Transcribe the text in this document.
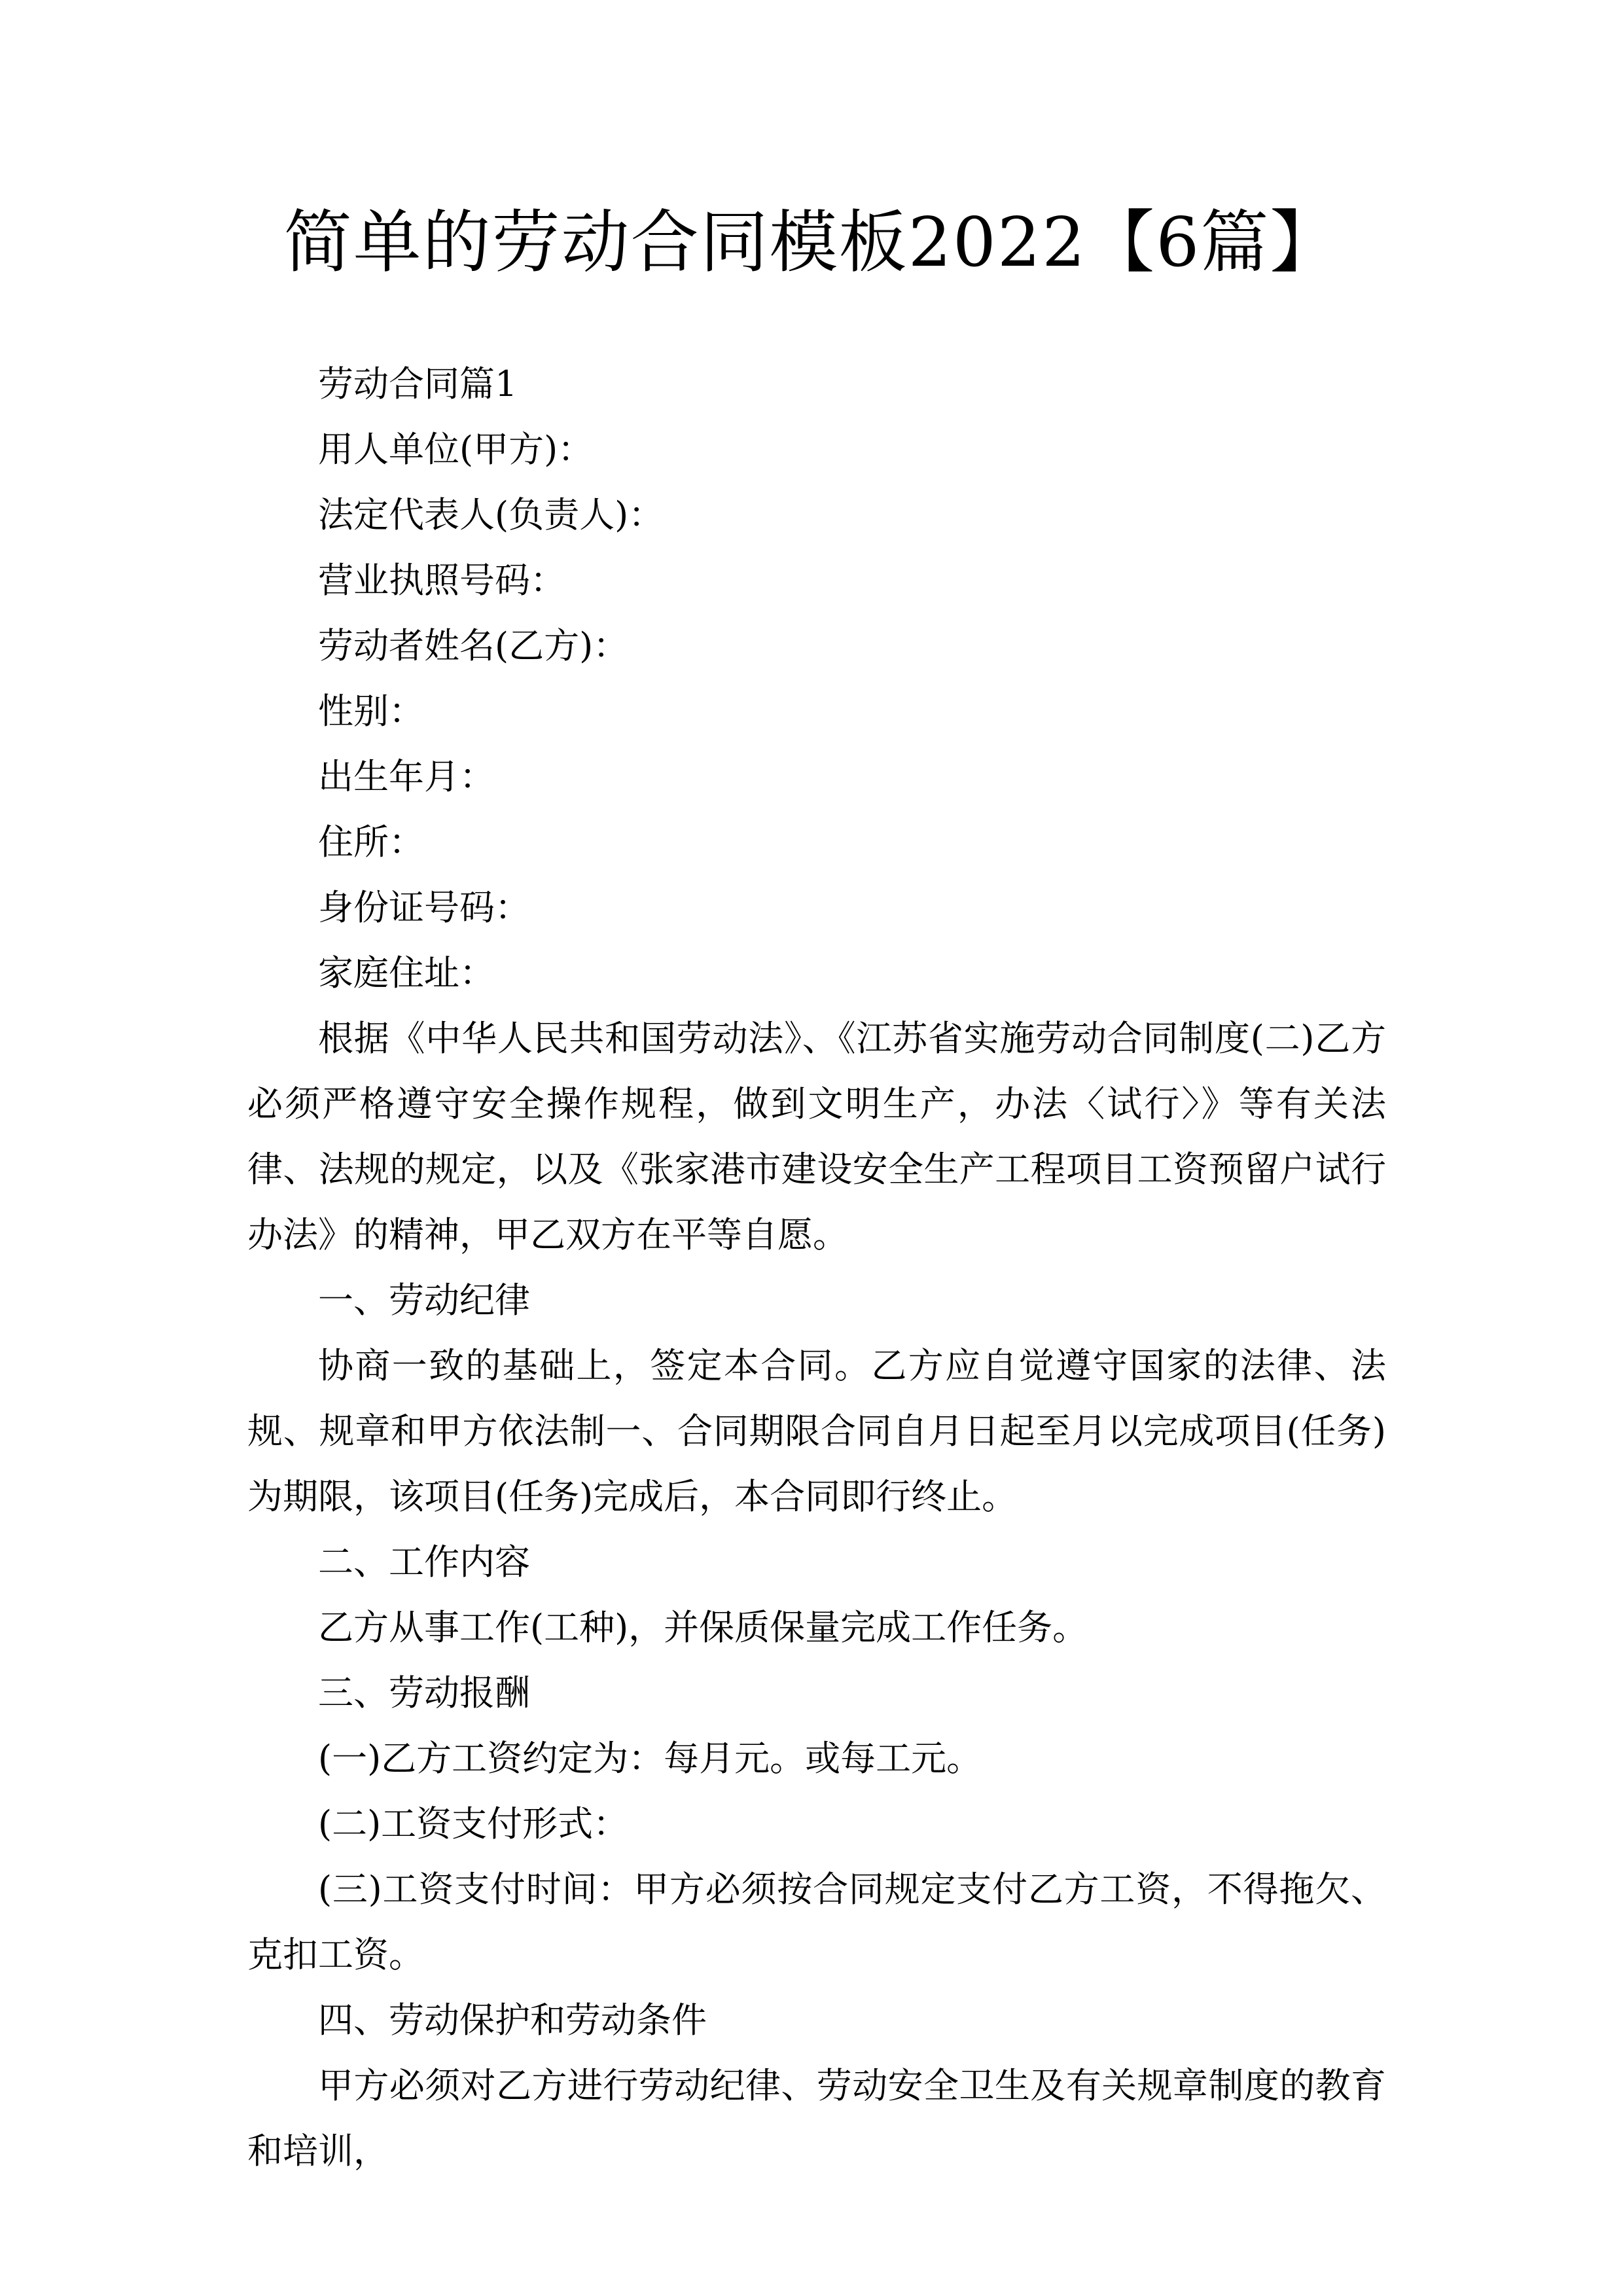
简单的劳动合同模板2022【6篇】

劳动合同篇1

用人单位(甲方)：

法定代表人(负责人)：

营业执照号码：

劳动者姓名(乙方)：

性别：

出生年月：

住所：

身份证号码：

家庭住址：

根据《中华人民共和国劳动法》、《江苏省实施劳动合同制度(二)乙方必须严格遵守安全操作规程，做到文明生产，办法〈试行〉》等有关法律、法规的规定，以及《张家港市建设安全生产工程项目工资预留户试行办法》的精神，甲乙双方在平等自愿。

一、劳动纪律

协商一致的基础上，签定本合同。乙方应自觉遵守国家的法律、法规、规章和甲方依法制一、合同期限合同自月日起至月以完成项目(任务)为期限，该项目(任务)完成后，本合同即行终止。

二、工作内容

乙方从事工作(工种)，并保质保量完成工作任务。

三、劳动报酬

(一)乙方工资约定为：每月元。或每工元。

(二)工资支付形式：

(三)工资支付时间：甲方必须按合同规定支付乙方工资，不得拖欠、克扣工资。

四、劳动保护和劳动条件

甲方必须对乙方进行劳动纪律、劳动安全卫生及有关规章制度的教育和培训，
